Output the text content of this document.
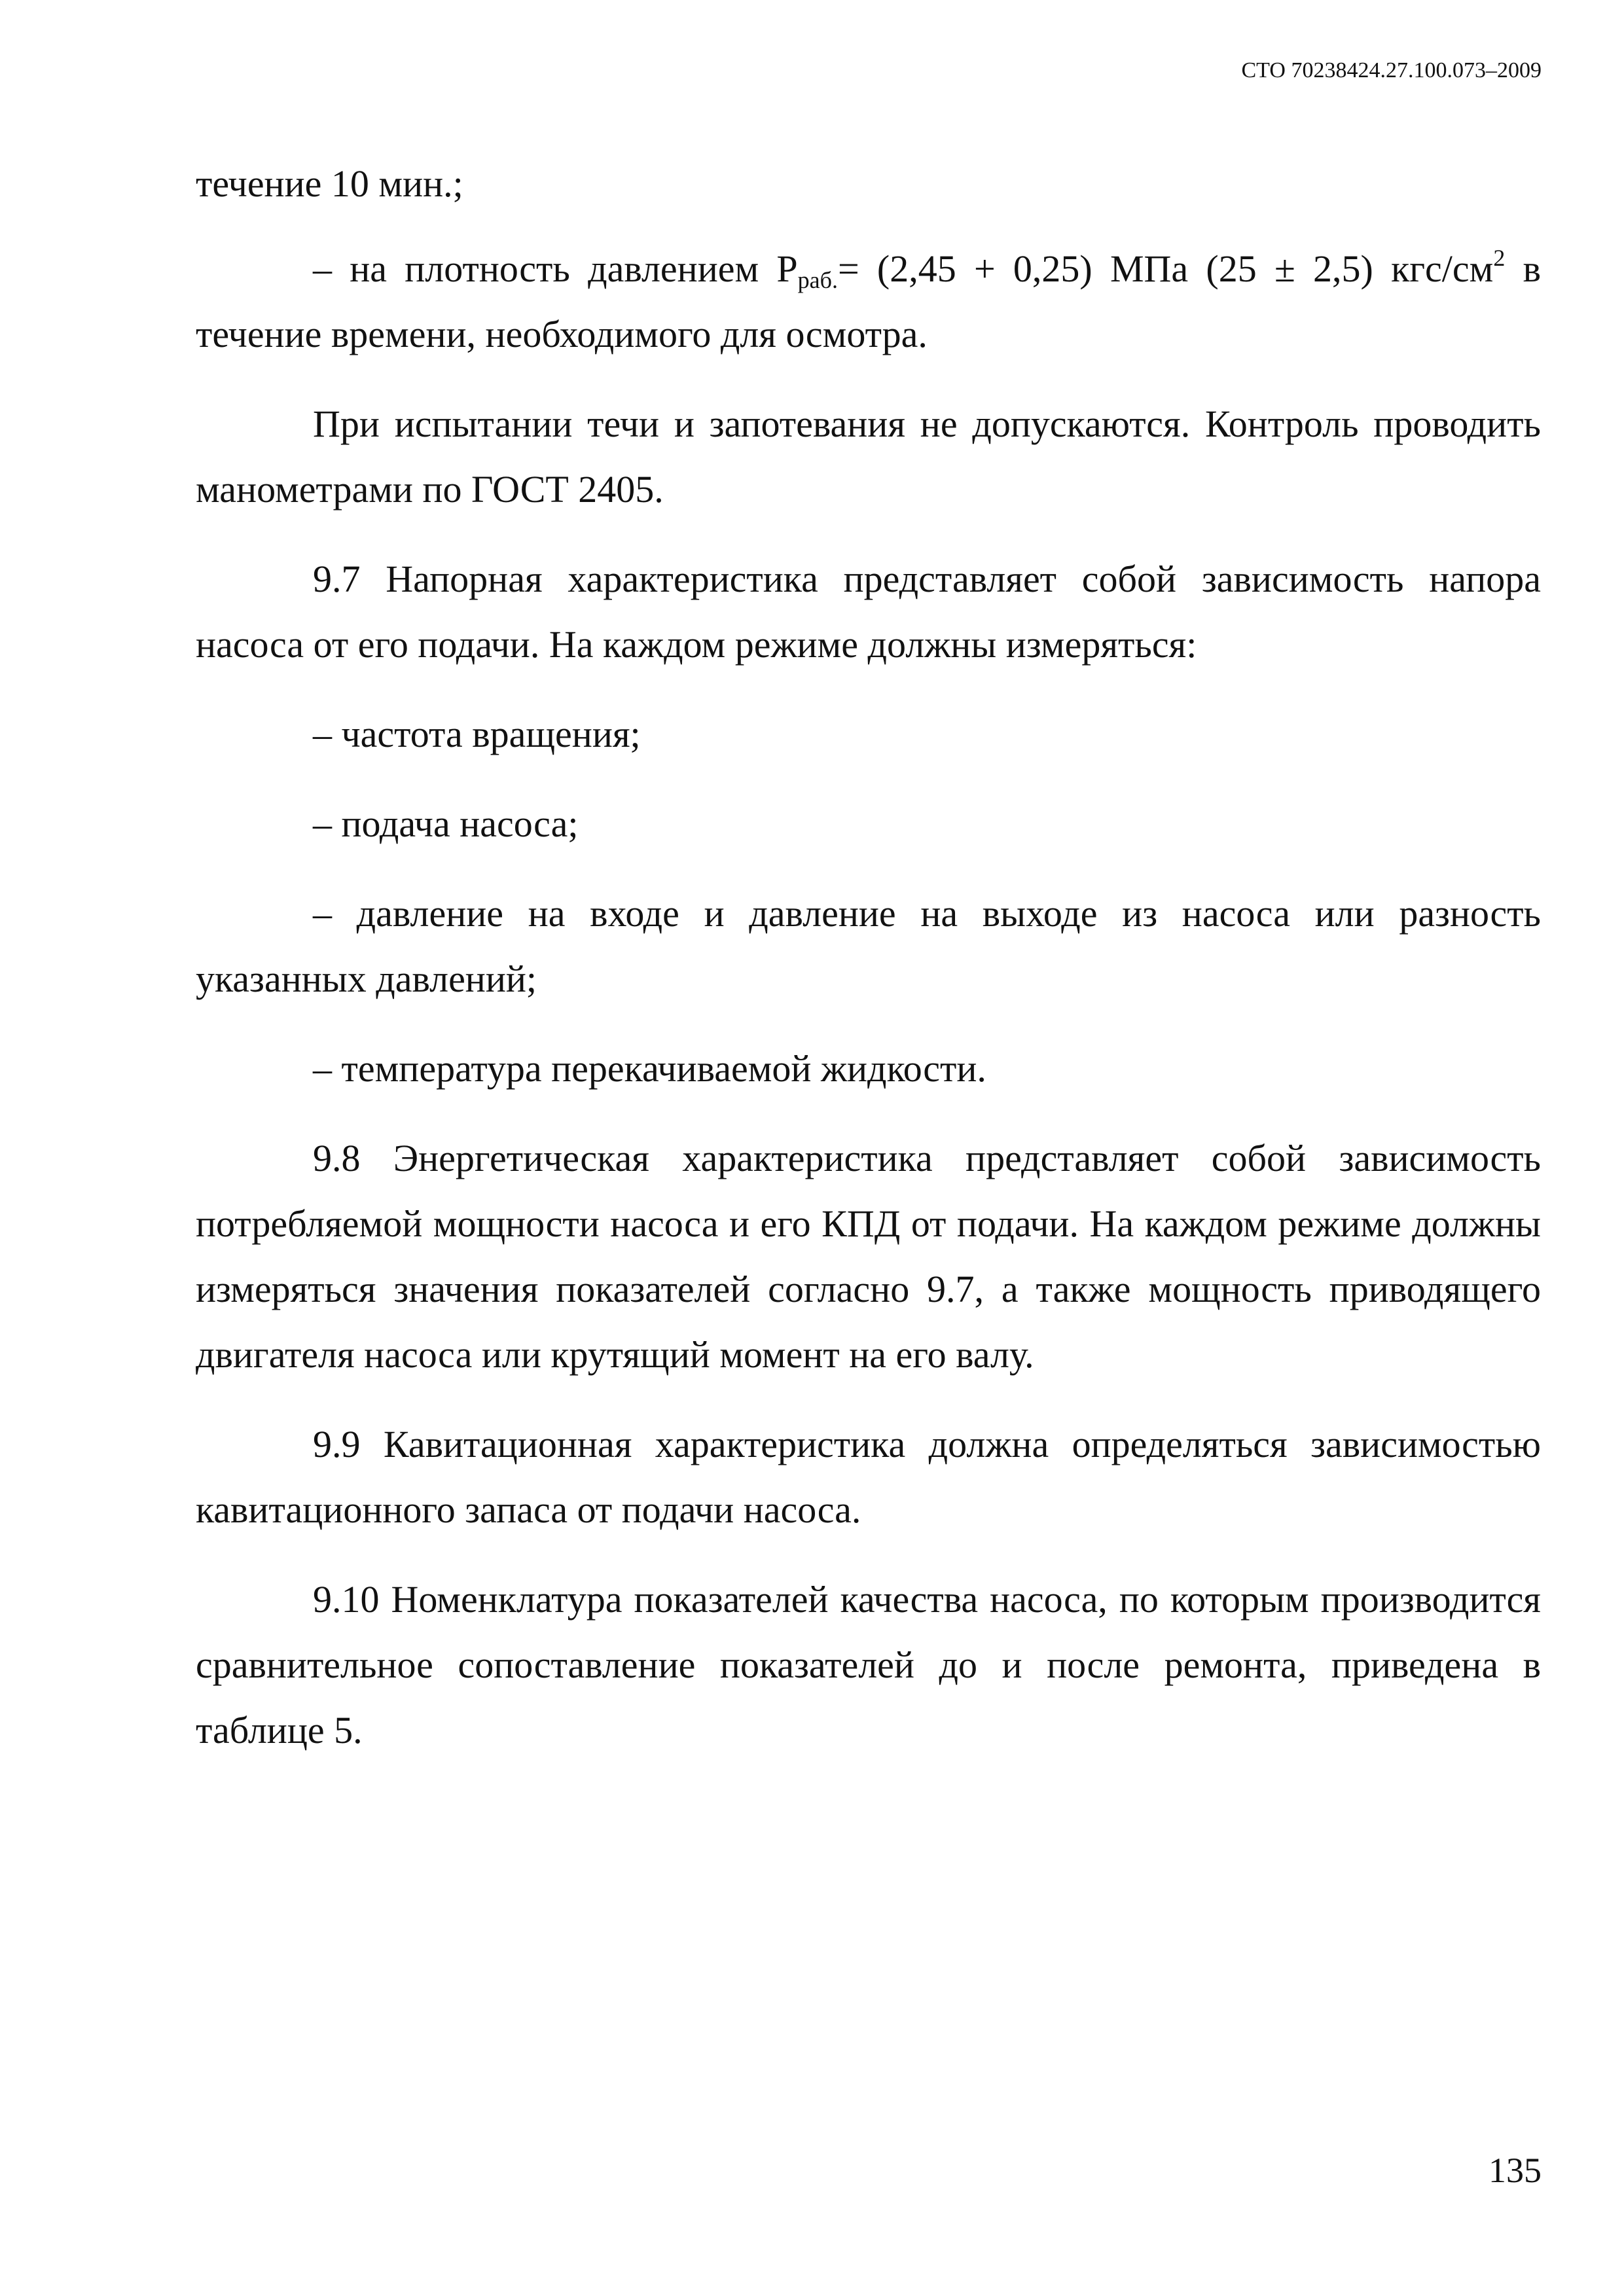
СТО 70238424.27.100.073–2009

течение 10 мин.;

– на плотность давлением $Р_{раб.}= (2,45 + 0,25)$ МПа (25 ± 2,5) кгс/$см^2$ в течение времени, необходимого для осмотра.

При испытании течи и запотевания не допускаются. Контроль проводить манометрами по ГОСТ 2405.

9.7 Напорная характеристика представляет собой зависимость напора насоса от его подачи. На каждом режиме должны измеряться:

– частота вращения;

– подача насоса;

– давление на входе и давление на выходе из насоса или разность указанных давлений;

– температура перекачиваемой жидкости.

9.8 Энергетическая характеристика представляет собой зависимость потребляемой мощности насоса и его КПД от подачи. На каждом режиме должны измеряться значения показателей согласно 9.7, а также мощность приводящего двигателя насоса или крутящий момент на его валу.

9.9 Кавитационная характеристика должна определяться зависимостью кавитационного запаса от подачи насоса.

9.10 Номенклатура показателей качества насоса, по которым производится сравнительное сопоставление показателей до и после ремонта, приведена в таблице 5.

135
